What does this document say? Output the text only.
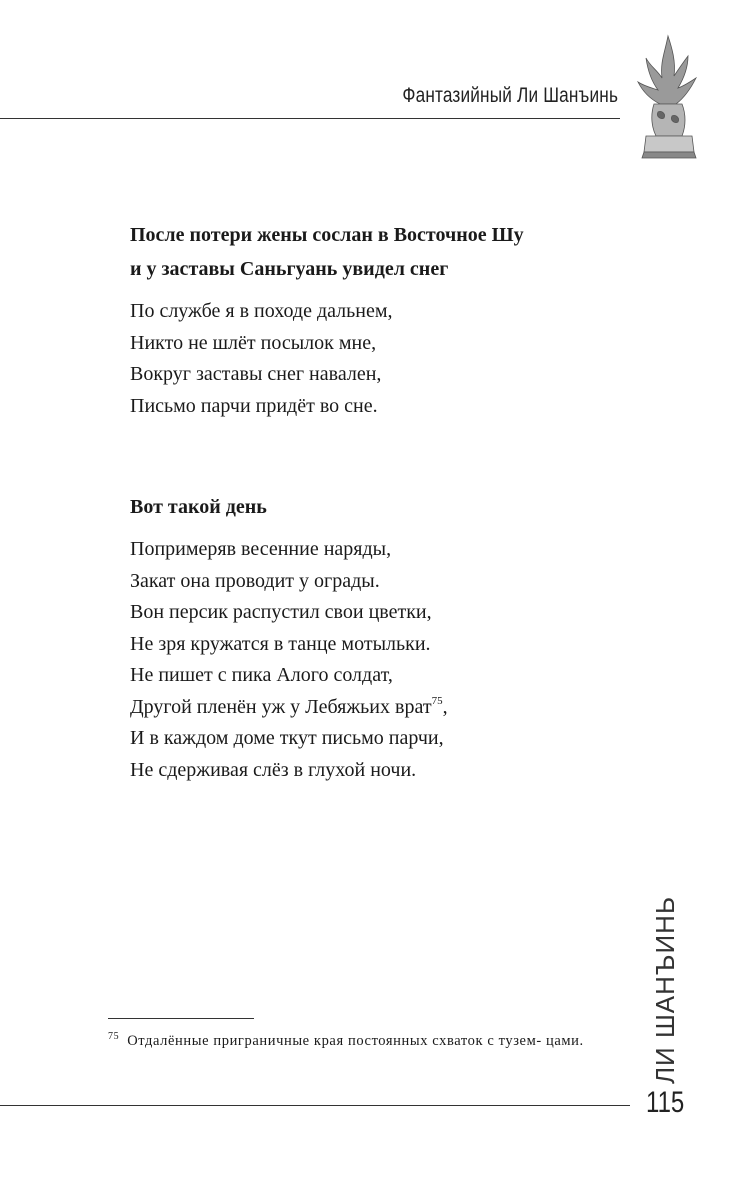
Фантазийный Ли Шанъинь
После потери жены сослан в Восточное Шу
и у заставы Саньгуань увидел снег

По службе я в походе дальнем,

Никто не шлёт посылок мне,

Вокруг заставы снег навален,

Письмо парчи придёт во сне.

Вот такой день

Попримеряв весенние наряды,

Закат она проводит у ограды.

Вон персик распустил свои цветки,

Не зря кружатся в танце мотыльки.

Не пишет с пика Алого солдат,

Другой пленён уж у Лебяжьих врат$^{75}$,

И в каждом доме ткут письмо парчи,

Не сдерживая слёз в глухой ночи.

$^{75}$ Отдалённые приграничные края постоянных схваток с тузем- цами.	ЛИ ШАНЪИНЬ
115
